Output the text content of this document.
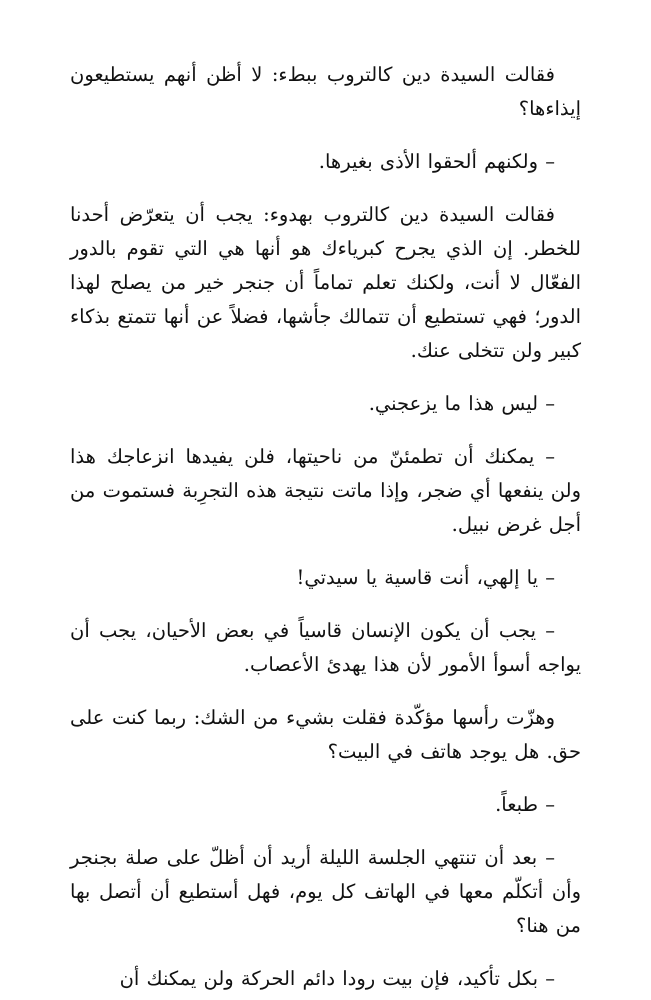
فقالت السيدة دين كالتروب ببطء: لا أظن أنهم يستطيعون إيذاءها؟

– ولكنهم ألحقوا الأذى بغيرها.

فقالت السيدة دين كالتروب بهدوء: يجب أن يتعرّض أحدنا للخطر. إن الذي يجرح كبرياءك هو أنها هي التي تقوم بالدور الفعّال لا أنت، ولكنك تعلم تماماً أن جنجر خير من يصلح لهذا الدور؛ فهي تستطيع أن تتمالك جأشها، فضلاً عن أنها تتمتع بذكاء كبير ولن تتخلى عنك.

– ليس هذا ما يزعجني.

– يمكنك أن تطمئنّ من ناحيتها، فلن يفيدها انزعاجك هذا ولن ينفعها أي ضجر، وإذا ماتت نتيجة هذه التجرِبة فستموت من أجل غرض نبيل.

– يا إلهي، أنت قاسية يا سيدتي!

– يجب أن يكون الإنسان قاسياً في بعض الأحيان، يجب أن يواجه أسوأ الأمور لأن هذا يهدئ الأعصاب.

وهزّت رأسها مؤكّدة فقلت بشيء من الشك: ربما كنت على حق. هل يوجد هاتف في البيت؟

– طبعاً.

– بعد أن تنتهي الجلسة الليلة أريد أن أظلّ على صلة بجنجر وأن أتكلّم معها في الهاتف كل يوم، فهل أستطيع أن أتصل بها من هنا؟

– بكل تأكيد، فإن بيت رودا دائم الحركة ولن يمكنك أن
